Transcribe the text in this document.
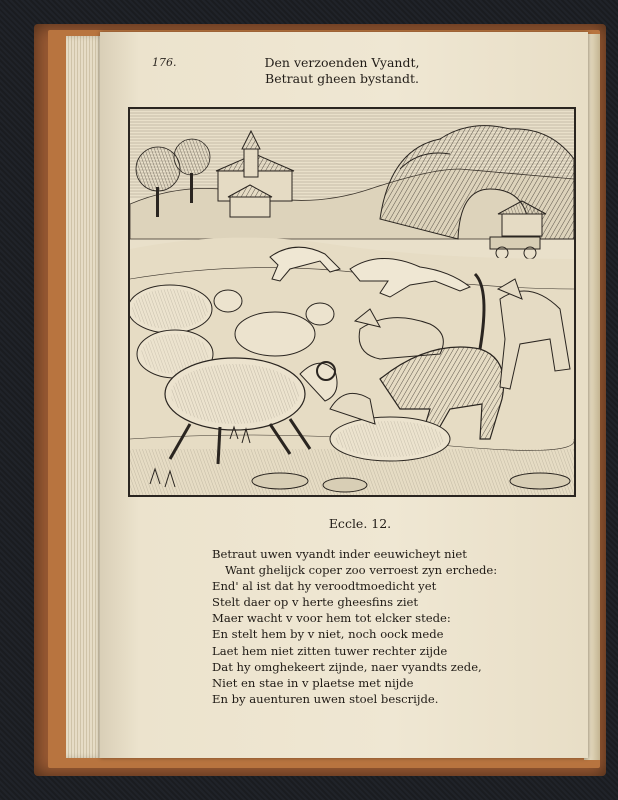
176.	Den verzoenden Vyandt,
Betraut gheen bystandt.
Eccle. 12.
Betraut uwen vyandt inder eeuwicheyt niet
Want ghelijck coper zoo verroest zyn erchede:
End' al ist dat hy veroodtmoedicht yet
Stelt daer op v herte gheesfins ziet
Maer wacht v voor hem tot elcker stede:
En stelt hem by v niet, noch oock mede
Laet hem niet zitten tuwer rechter zijde
Dat hy omghekeert zijnde, naer vyandts zede,
Niet en stae in v plaetse met nijde
En by auenturen uwen stoel bescrijde.
